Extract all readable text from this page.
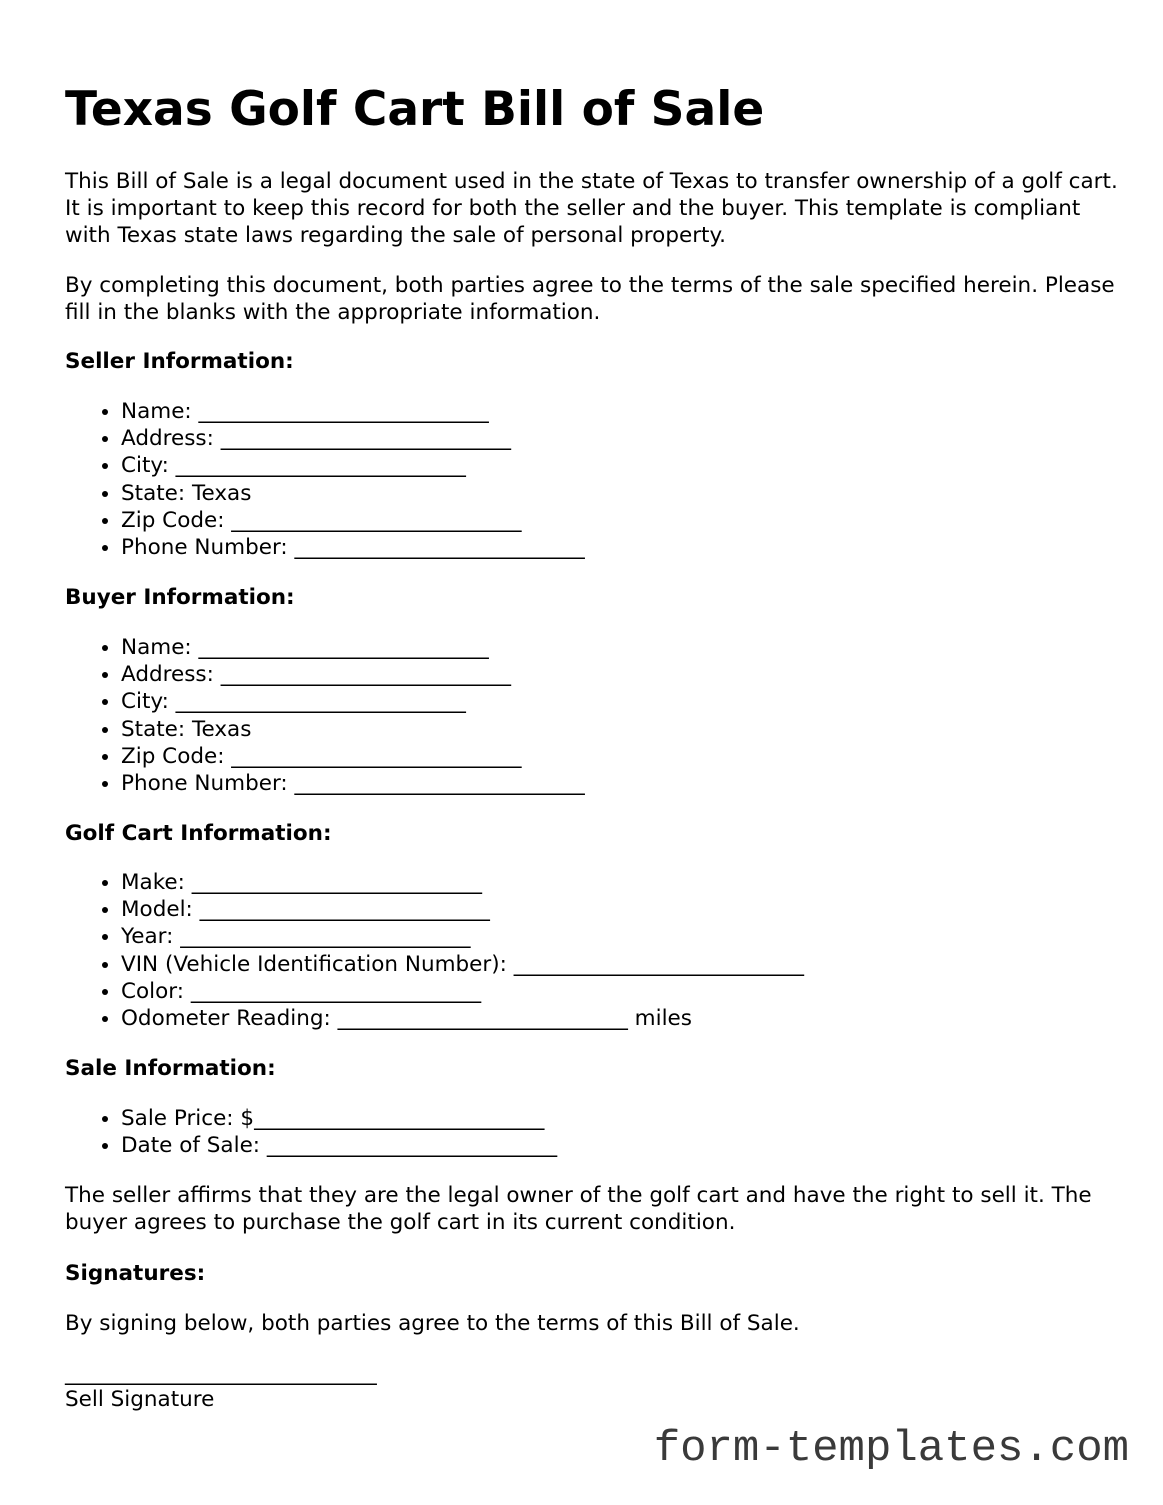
Texas Golf Cart Bill of Sale

This Bill of Sale is a legal document used in the state of Texas to transfer ownership of a golf cart. It is important to keep this record for both the seller and the buyer. This template is compliant with Texas state laws regarding the sale of personal property.

By completing this document, both parties agree to the terms of the sale specified herein. Please fill in the blanks with the appropriate information.

Seller Information:
• Name: ___________________________
• Address: ___________________________
• City: ___________________________
• State: Texas
• Zip Code: ___________________________
• Phone Number: ___________________________
Buyer Information:
• Name: ___________________________
• Address: ___________________________
• City: ___________________________
• State: Texas
• Zip Code: ___________________________
• Phone Number: ___________________________
Golf Cart Information:
• Make: ___________________________
• Model: ___________________________
• Year: ___________________________
• VIN (Vehicle Identification Number): ___________________________
• Color: ___________________________
• Odometer Reading: ___________________________ miles
Sale Information:
• Sale Price: $___________________________
• Date of Sale: ___________________________

The seller affirms that they are the legal owner of the golf cart and have the right to sell it. The buyer agrees to purchase the golf cart in its current condition.

Signatures:

By signing below, both parties agree to the terms of this Bill of Sale.

_____________________________
Sell Signature
form-templates.com
